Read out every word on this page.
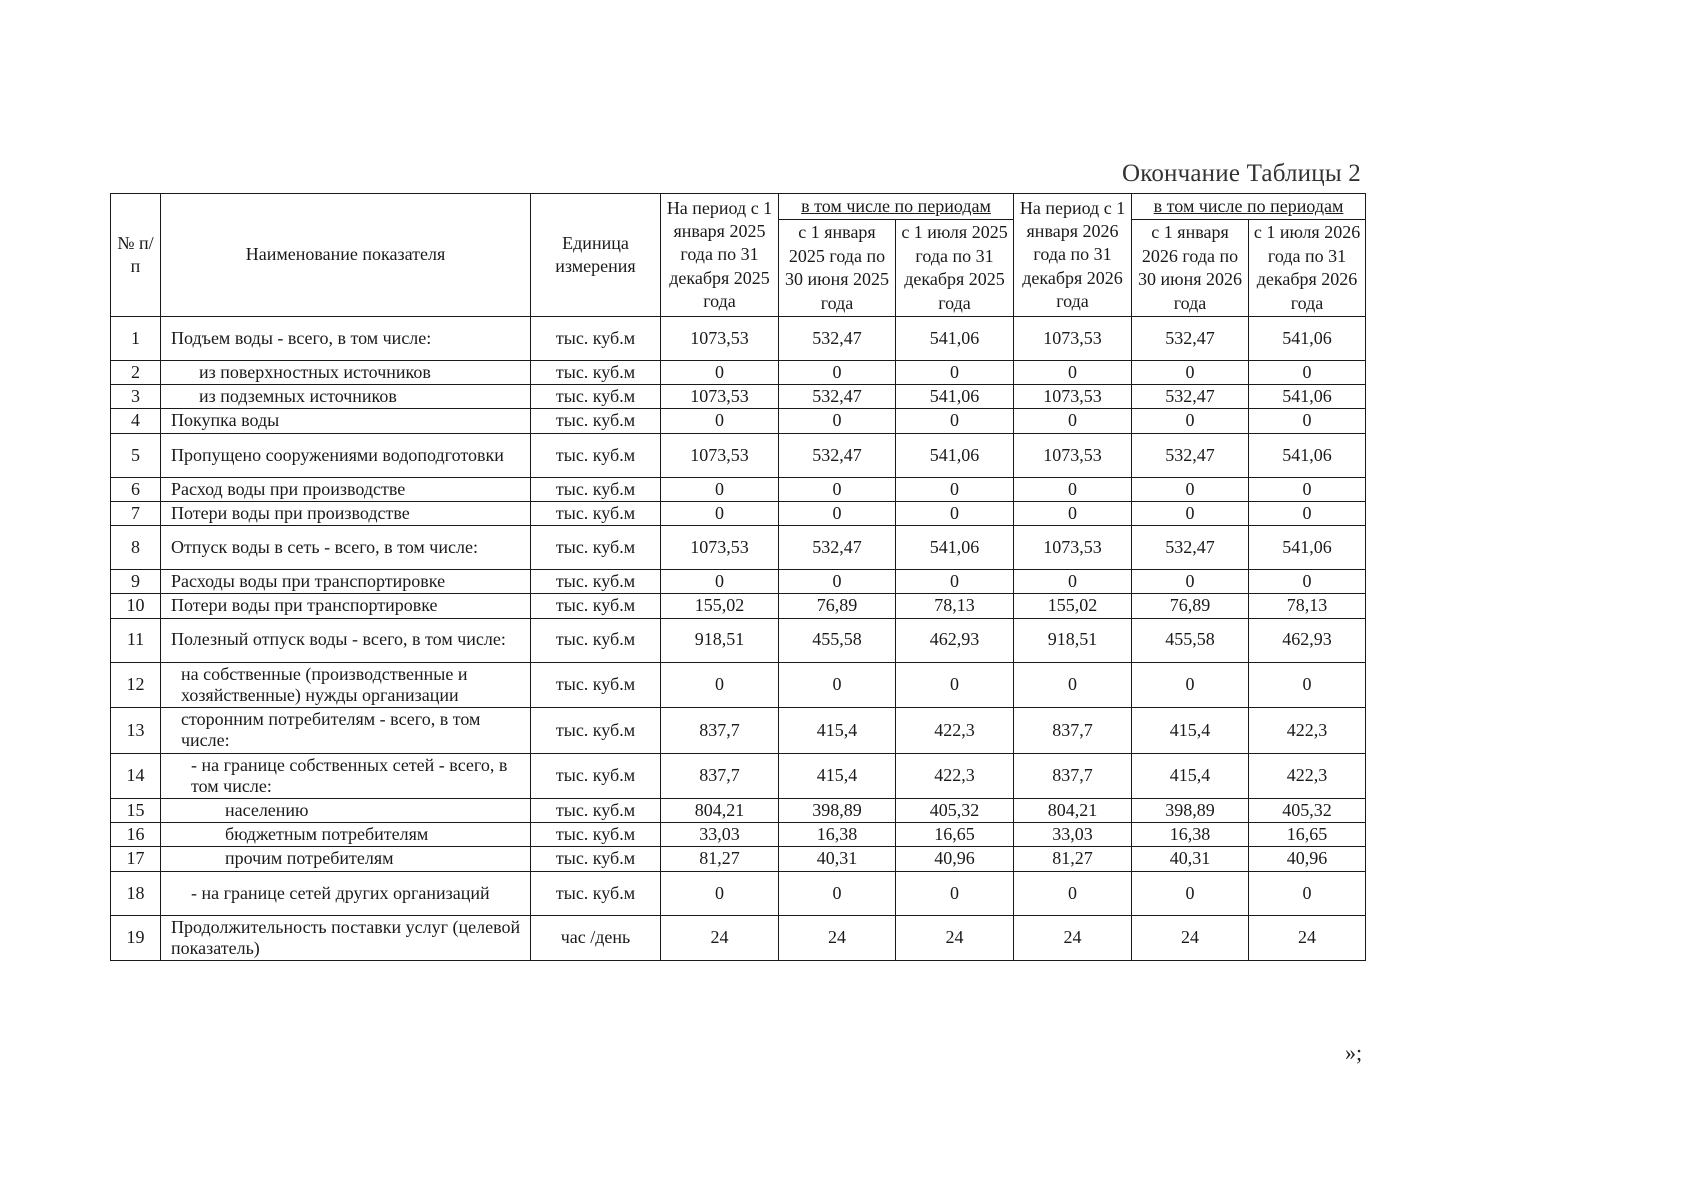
Окончание Таблицы 2
№ п/п	Наименование показателя	Единица измерения	На период с 1 января 2025 года по 31 декабря 2025 года	в том числе по периодам		На период с 1 января 2026 года по 31 декабря 2026 года	в том числе по периодам	
				с 1 января 2025 года по 30 июня 2025 года	с 1 июля 2025 года по 31 декабря 2025 года		с 1 января 2026 года по 30 июня 2026 года	с 1 июля 2026 года по 31 декабря 2026 года
1	Подъем воды - всего, в том числе:	тыс. куб.м	1073,53	532,47	541,06	1073,53	532,47	541,06
2	из поверхностных источников	тыс. куб.м	0	0	0	0	0	0
3	из подземных источников	тыс. куб.м	1073,53	532,47	541,06	1073,53	532,47	541,06
4	Покупка воды	тыс. куб.м	0	0	0	0	0	0
5	Пропущено сооружениями водоподготовки	тыс. куб.м	1073,53	532,47	541,06	1073,53	532,47	541,06
6	Расход воды при производстве	тыс. куб.м	0	0	0	0	0	0
7	Потери воды при производстве	тыс. куб.м	0	0	0	0	0	0
8	Отпуск воды в сеть - всего, в том числе:	тыс. куб.м	1073,53	532,47	541,06	1073,53	532,47	541,06
9	Расходы воды при транспортировке	тыс. куб.м	0	0	0	0	0	0
10	Потери воды при транспортировке	тыс. куб.м	155,02	76,89	78,13	155,02	76,89	78,13
11	Полезный отпуск воды - всего, в том числе:	тыс. куб.м	918,51	455,58	462,93	918,51	455,58	462,93
12	на собственные (производственные и хозяйственные) нужды организации	тыс. куб.м	0	0	0	0	0	0
13	сторонним потребителям - всего, в том числе:	тыс. куб.м	837,7	415,4	422,3	837,7	415,4	422,3
14	- на границе собственных сетей - всего, в том числе:	тыс. куб.м	837,7	415,4	422,3	837,7	415,4	422,3
15	населению	тыс. куб.м	804,21	398,89	405,32	804,21	398,89	405,32
16	бюджетным потребителям	тыс. куб.м	33,03	16,38	16,65	33,03	16,38	16,65
17	прочим потребителям	тыс. куб.м	81,27	40,31	40,96	81,27	40,31	40,96
18	- на границе сетей других организаций	тыс. куб.м	0	0	0	0	0	0
19	Продолжительность поставки услуг (целевой показатель)	час /день	24	24	24	24	24	24
»;
